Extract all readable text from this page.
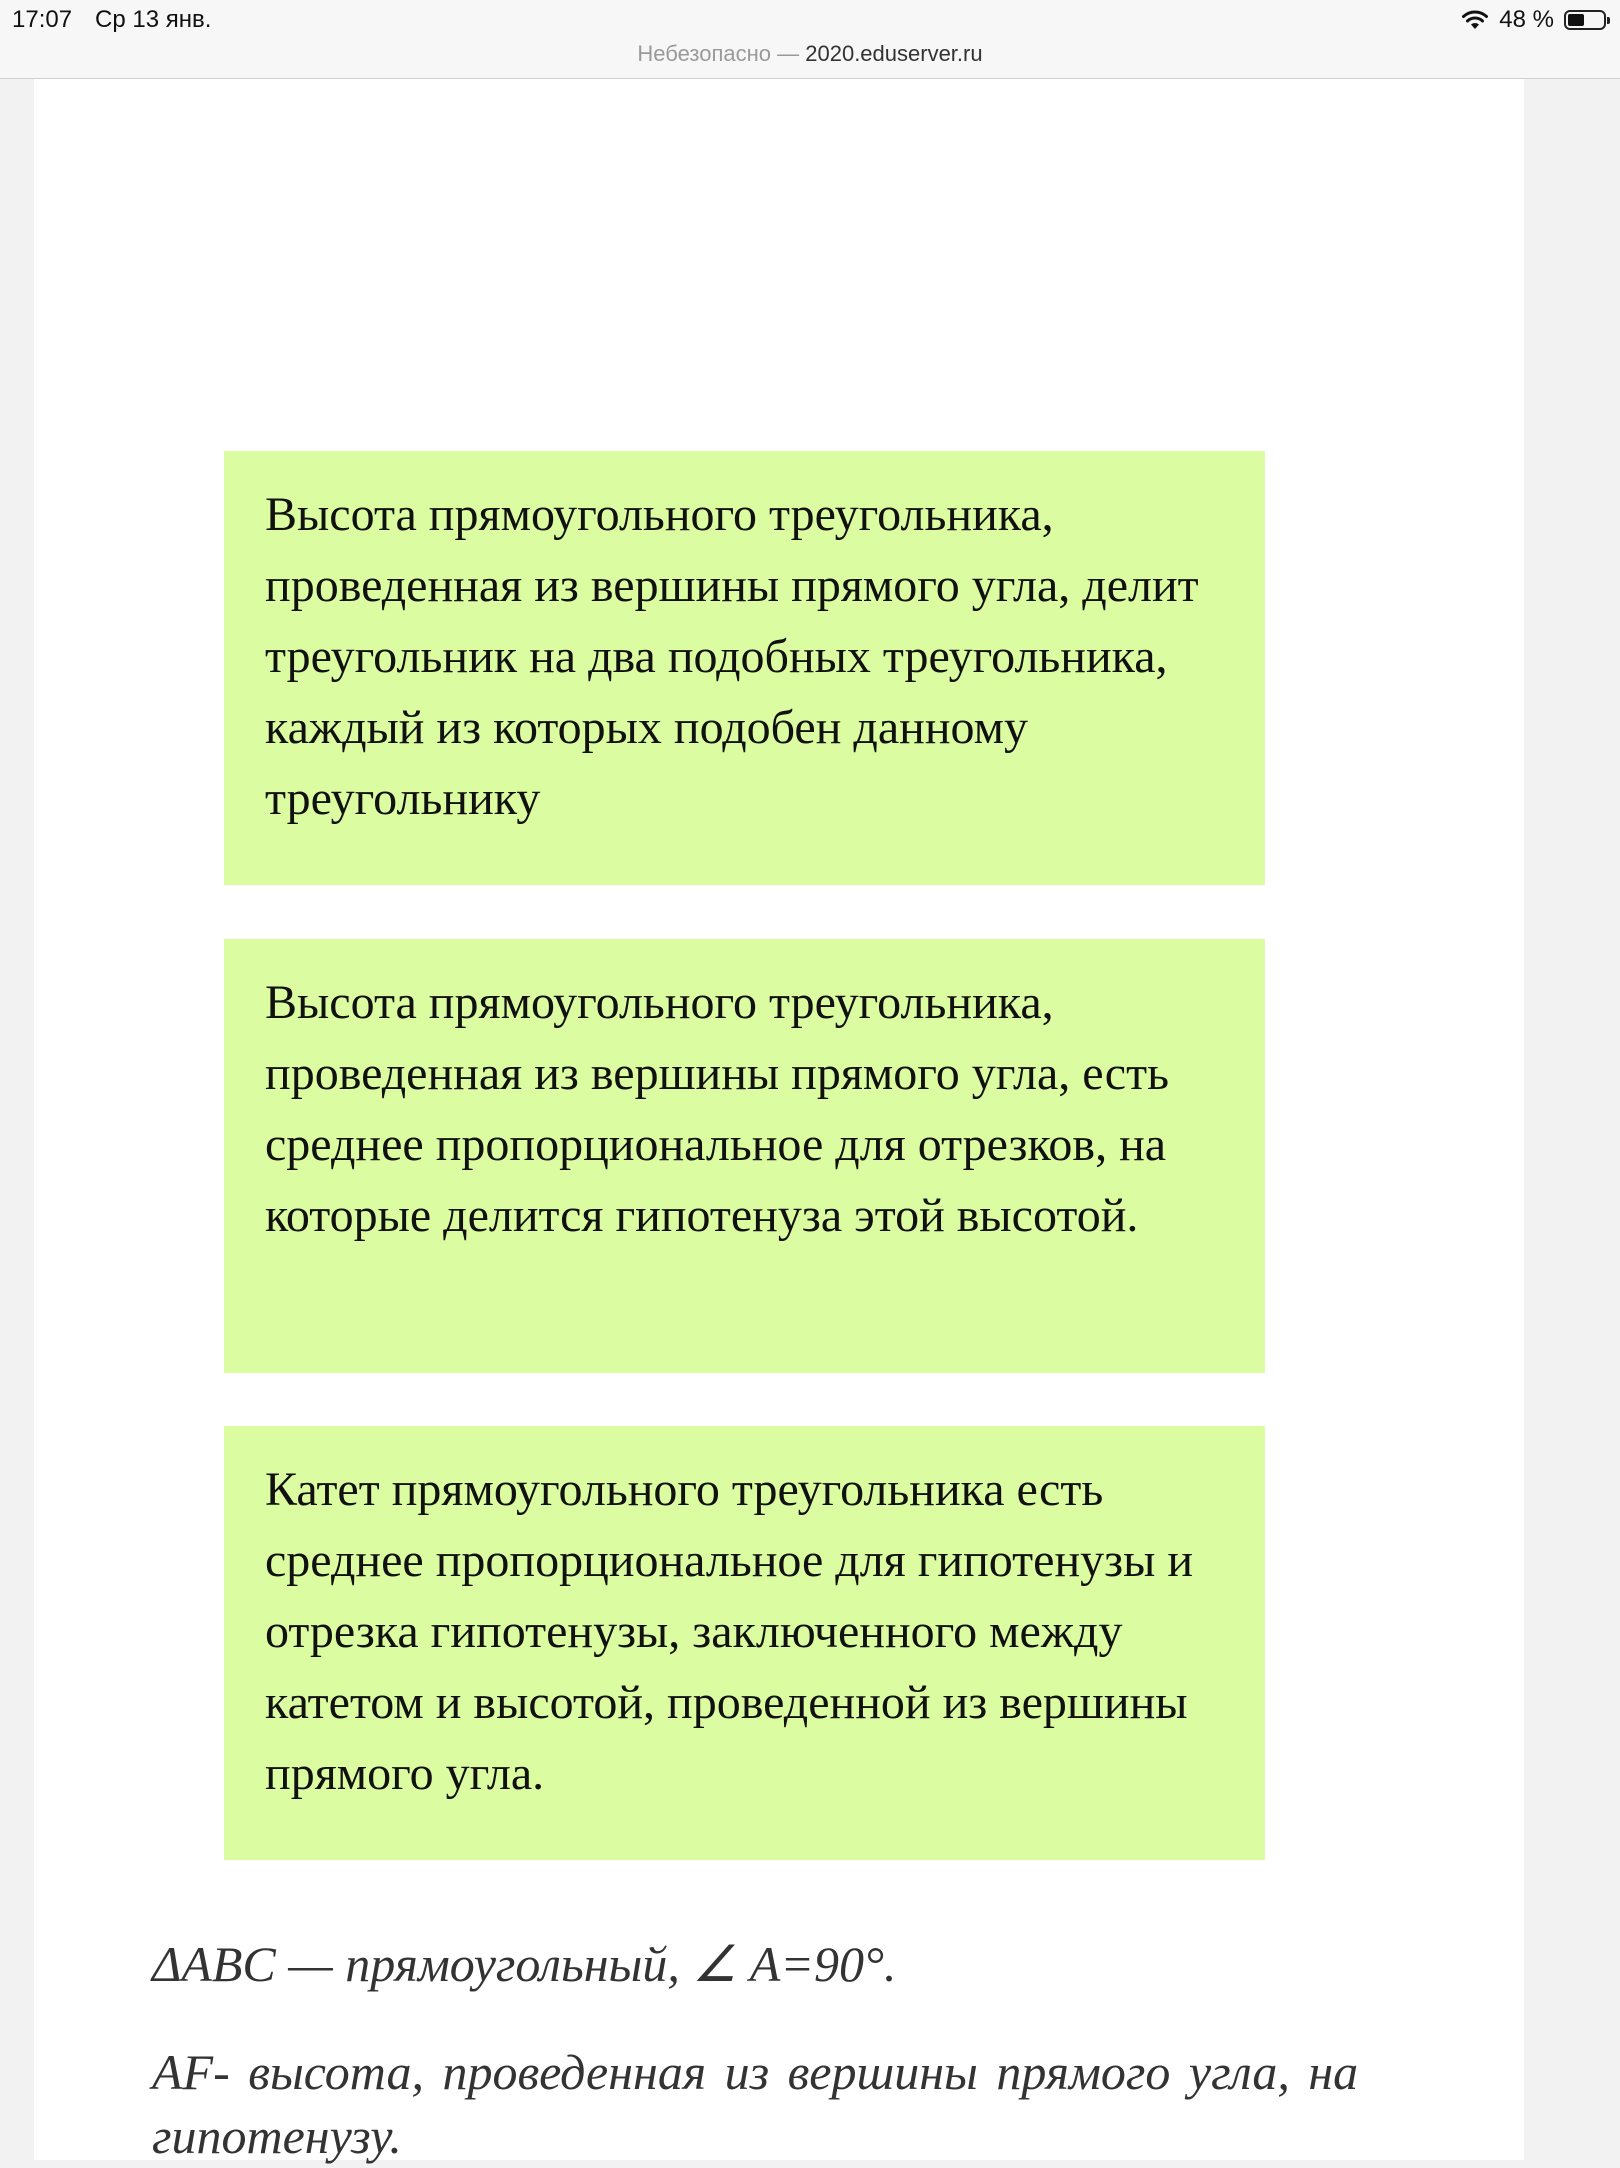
17:07 Ср 13 янв.	48 %
Небезопасно — 2020.eduserver.ru
Высота прямоугольного треугольника, проведенная из вершины прямого угла, делит треугольник на два подобных треугольника, каждый из которых подобен данному треугольнику
Высота прямоугольного треугольника, проведенная из вершины прямого угла, есть среднее пропорциональное для отрезков, на которые делится гипотенуза этой высотой.
Катет прямоугольного треугольника есть среднее пропорциональное для гипотенузы и отрезка гипотенузы, заключенного между катетом и высотой, проведенной из вершины прямого угла.
ΔABC — прямоугольный, ∠ A=90°.
AF- высота, проведенная из вершины прямого угла, на гипотенузу.
